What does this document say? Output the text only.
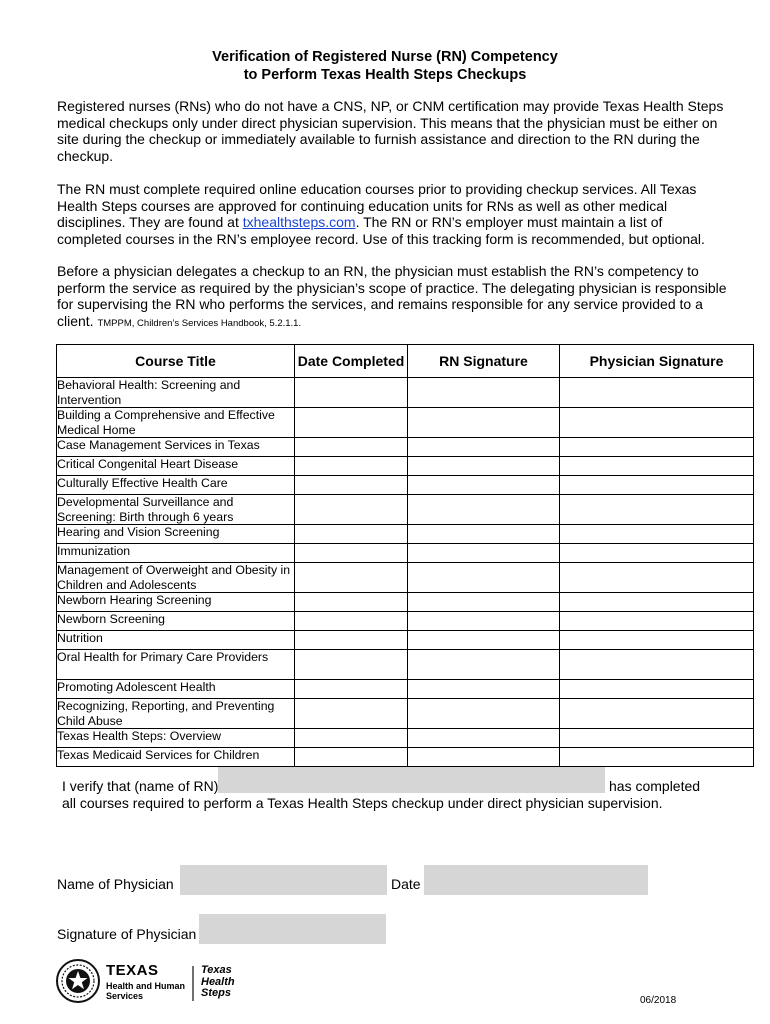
Verification of Registered Nurse (RN) Competency
to Perform Texas Health Steps Checkups
Registered nurses (RNs) who do not have a CNS, NP, or CNM certification may provide Texas Health Steps medical checkups only under direct physician supervision. This means that the physician must be either on site during the checkup or immediately available to furnish assistance and direction to the RN during the checkup.
The RN must complete required online education courses prior to providing checkup services. All Texas Health Steps courses are approved for continuing education units for RNs as well as other medical disciplines. They are found at txhealthsteps.com. The RN or RN’s employer must maintain a list of completed courses in the RN’s employee record. Use of this tracking form is recommended, but optional.
Before a physician delegates a checkup to an RN, the physician must establish the RN’s competency to perform the service as required by the physician’s scope of practice. The delegating physician is responsible for supervising the RN who performs the services, and remains responsible for any service provided to a client. TMPPM, Children’s Services Handbook, 5.2.1.1.
Course Title	Date Completed	RN Signature	Physician Signature
Behavioral Health: Screening and Intervention			
Building a Comprehensive and Effective Medical Home			
Case Management Services in Texas			
Critical Congenital Heart Disease			
Culturally Effective Health Care			
Developmental Surveillance and Screening: Birth through 6 years			
Hearing and Vision Screening			
Immunization			
Management of Overweight and Obesity in Children and Adolescents			
Newborn Hearing Screening			
Newborn Screening			
Nutrition			
Oral Health for Primary Care Providers			
Promoting Adolescent Health			
Recognizing, Reporting, and Preventing Child Abuse			
Texas Health Steps: Overview			
Texas Medicaid Services for Children			
I verify that (name of RN)	has completed
all courses required to perform a Texas Health Steps checkup under direct physician supervision.
Name of Physician	Date
Signature of Physician
TEXAS
Health and Human
Services
Texas
Health
Steps
06/2018
